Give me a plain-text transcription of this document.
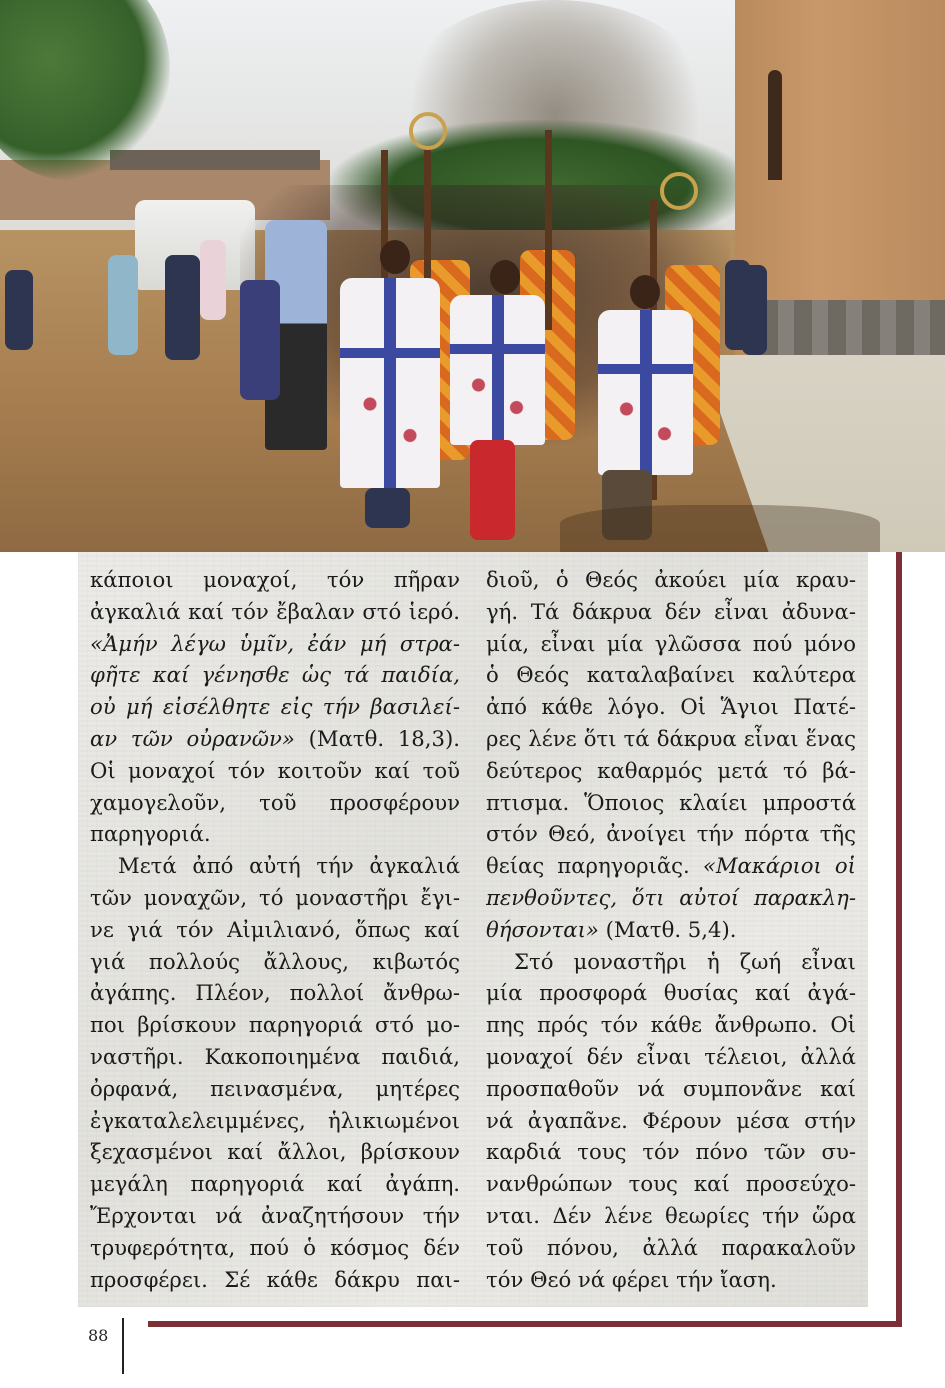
κάποιοι μοναχοί, τόν πῆραν
ἀγκαλιά καί τόν ἔβαλαν στό ἱερό.
«Ἀμήν λέγω ὑμῖν, ἐάν μή στρα-
φῆτε καί γένησθε ὡς τά παιδία,
οὐ μή εἰσέλθητε εἰς τήν βασιλεί-
αν τῶν οὐρανῶν» (Ματθ. 18,3).
Οἱ μοναχοί τόν κοιτοῦν καί τοῦ
χαμογελοῦν, τοῦ προσφέρουν
παρηγοριά.
Μετά ἀπό αὐτή τήν ἀγκαλιά
τῶν μοναχῶν, τό μοναστῆρι ἔγι-
νε γιά τόν Αἰμιλιανό, ὅπως καί
γιά πολλούς ἄλλους, κιβωτός
ἀγάπης. Πλέον, πολλοί ἄνθρω-
ποι βρίσκουν παρηγοριά στό μο-
ναστῆρι. Κακοποιημένα παιδιά,
ὀρφανά, πεινασμένα, μητέρες
ἐγκαταλελειμμένες, ἡλικιωμένοι
ξεχασμένοι καί ἄλλοι, βρίσκουν
μεγάλη παρηγοριά καί ἀγάπη.
Ἔρχονται νά ἀναζητήσουν τήν
τρυφερότητα, πού ὁ κόσμος δέν
προσφέρει. Σέ κάθε δάκρυ παι-
διοῦ, ὁ Θεός ἀκούει μία κραυ-
γή. Τά δάκρυα δέν εἶναι ἀδυνα-
μία, εἶναι μία γλῶσσα πού μόνο
ὁ Θεός καταλαβαίνει καλύτερα
ἀπό κάθε λόγο. Οἱ Ἅγιοι Πατέ-
ρες λένε ὅτι τά δάκρυα εἶναι ἕνας
δεύτερος καθαρμός μετά τό βά-
πτισμα. Ὅποιος κλαίει μπροστά
στόν Θεό, ἀνοίγει τήν πόρτα τῆς
θείας παρηγοριᾶς. «Μακάριοι οἱ
πενθοῦντες, ὅτι αὐτοί παρακλη-
θήσονται» (Ματθ. 5,4).
Στό μοναστῆρι ἡ ζωή εἶναι
μία προσφορά θυσίας καί ἀγά-
πης πρός τόν κάθε ἄνθρωπο. Οἱ
μοναχοί δέν εἶναι τέλειοι, ἀλλά
προσπαθοῦν νά συμπονᾶνε καί
νά ἀγαπᾶνε. Φέρουν μέσα στήν
καρδιά τους τόν πόνο τῶν συ-
νανθρώπων τους καί προσεύχο-
νται. Δέν λένε θεωρίες τήν ὥρα
τοῦ πόνου, ἀλλά παρακαλοῦν
τόν Θεό νά φέρει τήν ἴαση.
88
